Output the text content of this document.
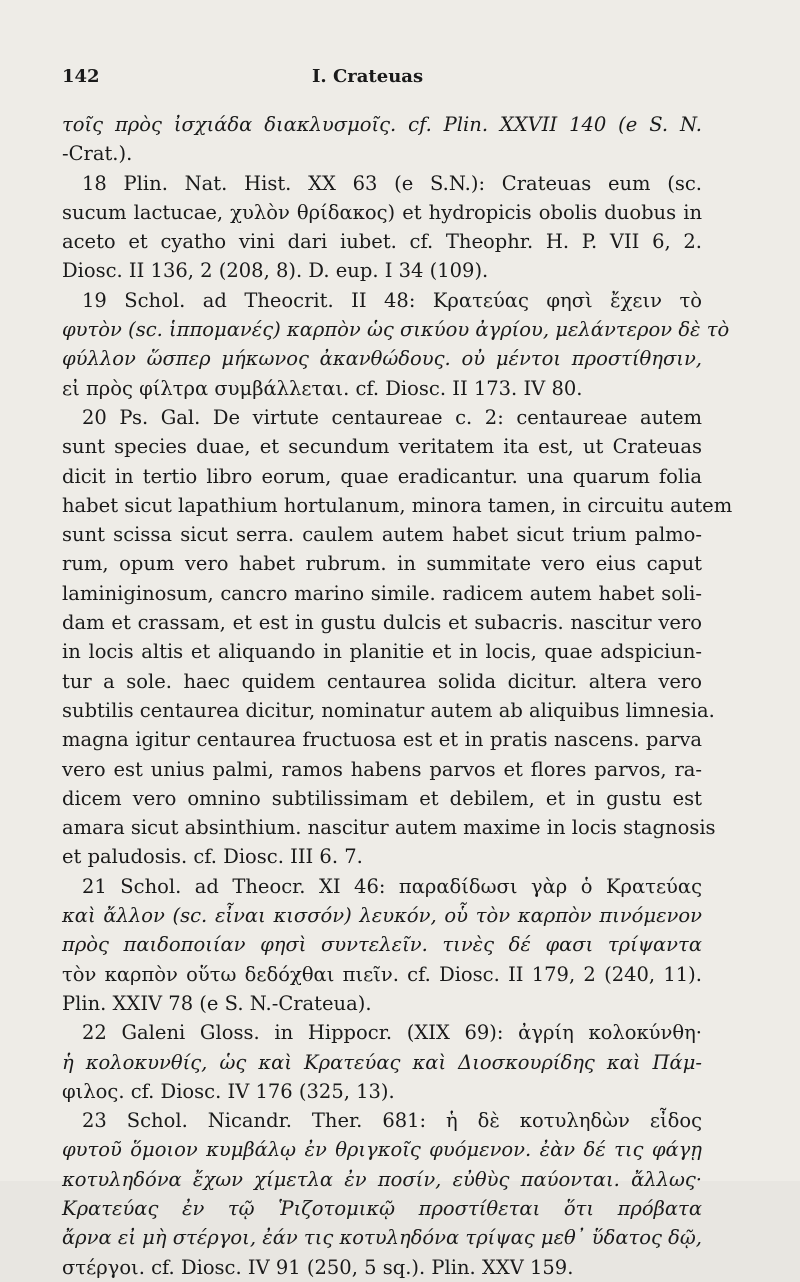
142	I. Crateuas
τοῖς πρὸς ἰσχιάδα διακλυσμοῖς. cf. Plin. XXVII 140 (e S. N.
-Crat.).
18 Plin. Nat. Hist. XX 63 (e S.N.): Crateuas eum (sc.
sucum lactucae, χυλὸν θρίδακος) et hydropicis obolis duobus in
aceto et cyatho vini dari iubet. cf. Theophr. H. P. VII 6, 2.
Diosc. II 136, 2 (208, 8). D. eup. I 34 (109).
19 Schol. ad Theocrit. II 48: Κρατεύας φησὶ ἔχειν τὸ
φυτὸν (sc. ἱππομανές) καρπὸν ὡς σικύου ἀγρίου, μελάντερον δὲ τὸ
φύλλον ὥσπερ μήκωνος ἀκανθώδους. οὐ μέντοι προστίθησιν,
εἰ πρὸς φίλτρα συμβάλλεται. cf. Diosc. II 173. IV 80.
20 Ps. Gal. De virtute centaureae c. 2: centaureae autem
sunt species duae, et secundum veritatem ita est, ut Crateuas
dicit in tertio libro eorum, quae eradicantur. una quarum folia
habet sicut lapathium hortulanum, minora tamen, in circuitu autem
sunt scissa sicut serra. caulem autem habet sicut trium palmo-
rum, opum vero habet rubrum. in summitate vero eius caput
laminiginosum, cancro marino simile. radicem autem habet soli-
dam et crassam, et est in gustu dulcis et subacris. nascitur vero
in locis altis et aliquando in planitie et in locis, quae adspiciun-
tur a sole. haec quidem centaurea solida dicitur. altera vero
subtilis centaurea dicitur, nominatur autem ab aliquibus limnesia.
magna igitur centaurea fructuosa est et in pratis nascens. parva
vero est unius palmi, ramos habens parvos et flores parvos, ra-
dicem vero omnino subtilissimam et debilem, et in gustu est
amara sicut absinthium. nascitur autem maxime in locis stagnosis
et paludosis. cf. Diosc. III 6. 7.
21 Schol. ad Theocr. XI 46: παραδίδωσι γὰρ ὁ Κρατεύας
καὶ ἄλλον (sc. εἶναι κισσόν) λευκόν, οὗ τὸν καρπὸν πινόμενον
πρὸς παιδοποιίαν φησὶ συντελεῖν. τινὲς δέ φασι τρίψαντα
τὸν καρπὸν οὕτω δεδόχθαι πιεῖν. cf. Diosc. II 179, 2 (240, 11).
Plin. XXIV 78 (e S. N.-Crateua).
22 Galeni Gloss. in Hippocr. (XIX 69): ἀγρίη κολοκύνθη·
ἡ κολοκυνθίς, ὡς καὶ Κρατεύας καὶ Διοσκουρίδης καὶ Πάμ-
φιλος. cf. Diosc. IV 176 (325, 13).
23 Schol. Nicandr. Ther. 681: ἡ δὲ κοτυληδὼν εἶδος
φυτοῦ ὅμοιον κυμβάλῳ ἐν θριγκοῖς φυόμενον. ἐὰν δέ τις φάγῃ
κοτυληδόνα ἔχων χίμετλα ἐν ποσίν, εὐθὺς παύονται. ἄλλως·
Κρατεύας ἐν τῷ Ῥιζοτομικῷ προστίθεται ὅτι πρόβατα
ἄρνα εἰ μὴ στέργοι, ἐάν τις κοτυληδόνα τρίψας μεθ᾽ ὕδατος δῷ,
στέργοι. cf. Diosc. IV 91 (250, 5 sq.). Plin. XXV 159.
